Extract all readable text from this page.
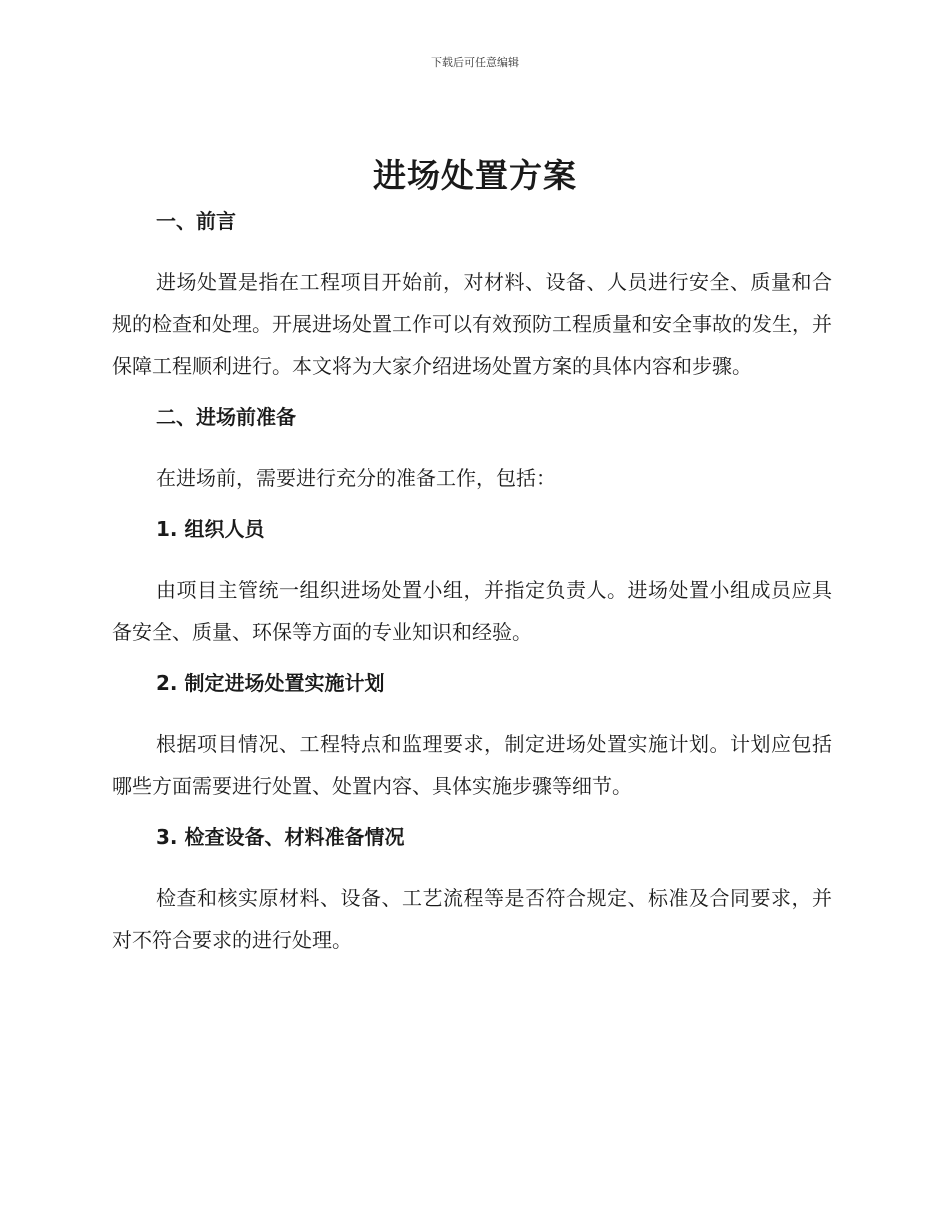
下载后可任意编辑
进场处置方案
一、前言

进场处置是指在工程项目开始前，对材料、设备、人员进行安全、质量和合规的检查和处理。开展进场处置工作可以有效预防工程质量和安全事故的发生，并保障工程顺利进行。本文将为大家介绍进场处置方案的具体内容和步骤。

二、进场前准备

在进场前，需要进行充分的准备工作，包括：

1. 组织人员

由项目主管统一组织进场处置小组，并指定负责人。进场处置小组成员应具备安全、质量、环保等方面的专业知识和经验。

2. 制定进场处置实施计划

根据项目情况、工程特点和监理要求，制定进场处置实施计划。计划应包括哪些方面需要进行处置、处置内容、具体实施步骤等细节。

3. 检查设备、材料准备情况

检查和核实原材料、设备、工艺流程等是否符合规定、标准及合同要求，并对不符合要求的进行处理。
